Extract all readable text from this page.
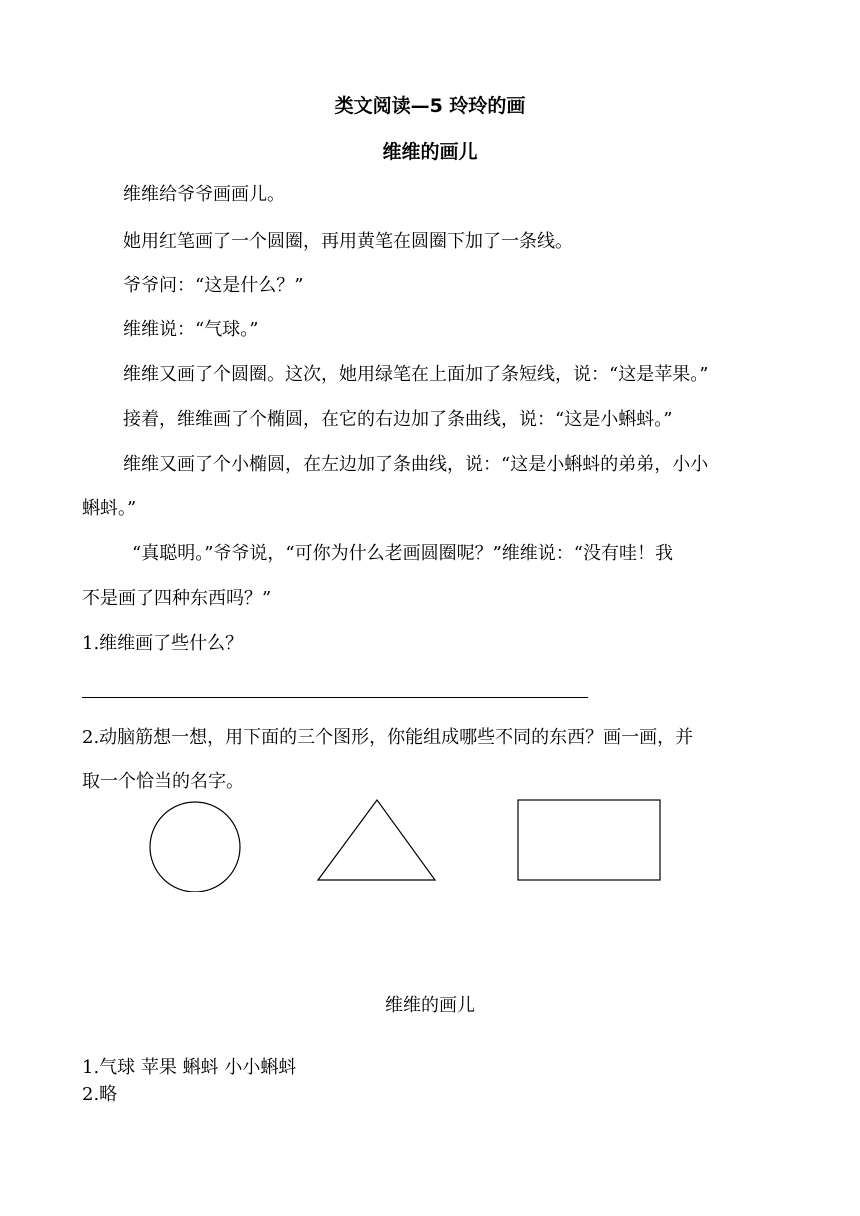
类文阅读—5 玲玲的画
维维的画儿
维维给爷爷画画儿。
她用红笔画了一个圆圈，再用黄笔在圆圈下加了一条线。
爷爷问：“这是什么？”
维维说：“气球。”
维维又画了个圆圈。这次，她用绿笔在上面加了条短线，说：“这是苹果。”
接着，维维画了个椭圆，在它的右边加了条曲线，说：“这是小蝌蚪。”
维维又画了个小椭圆，在左边加了条曲线，说：“这是小蝌蚪的弟弟，小小
蝌蚪。”
“真聪明。”爷爷说，“可你为什么老画圆圈呢？”维维说：“没有哇！我
不是画了四种东西吗？”
1.维维画了些什么？
2.动脑筋想一想，用下面的三个图形，你能组成哪些不同的东西？画一画，并
取一个恰当的名字。
维维的画儿
1.气球 苹果 蝌蚪 小小蝌蚪
2.略
